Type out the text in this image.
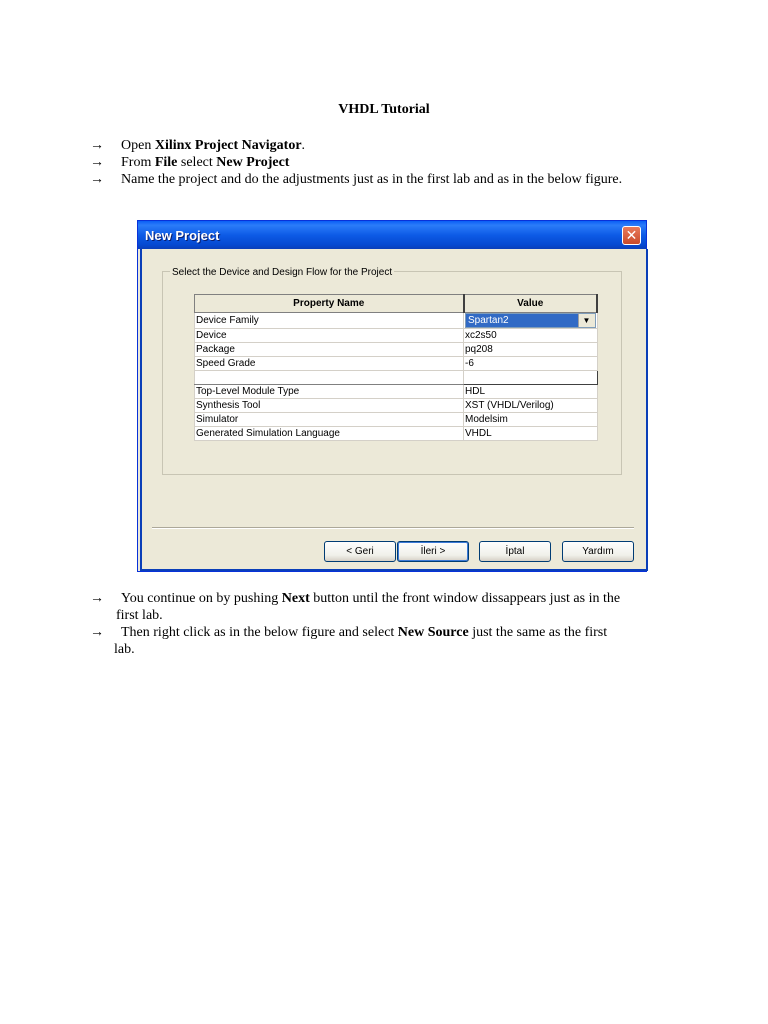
VHDL Tutorial
→	Open Xilinx Project Navigator.
→	From File select New Project
→	Name the project and do the adjustments just as in the first lab and as in the below figure.
New Project	✕
Select the Device and Design Flow for the Project
Property Name	Value
Device Family	Spartan2 ▼

Device	xc2s50
Package	pq208
Speed Grade	-6

Top-Level Module Type	HDL
Synthesis Tool	XST (VHDL/Verilog)
Simulator	Modelsim
Generated Simulation Language	VHDL
< Geri	İleri >	İptal	Yardım
→	You continue on by pushing Next button until the front window dissappears just as in the
first lab.
→	Then right click as in the below figure and select New Source just the same as the first
lab.
